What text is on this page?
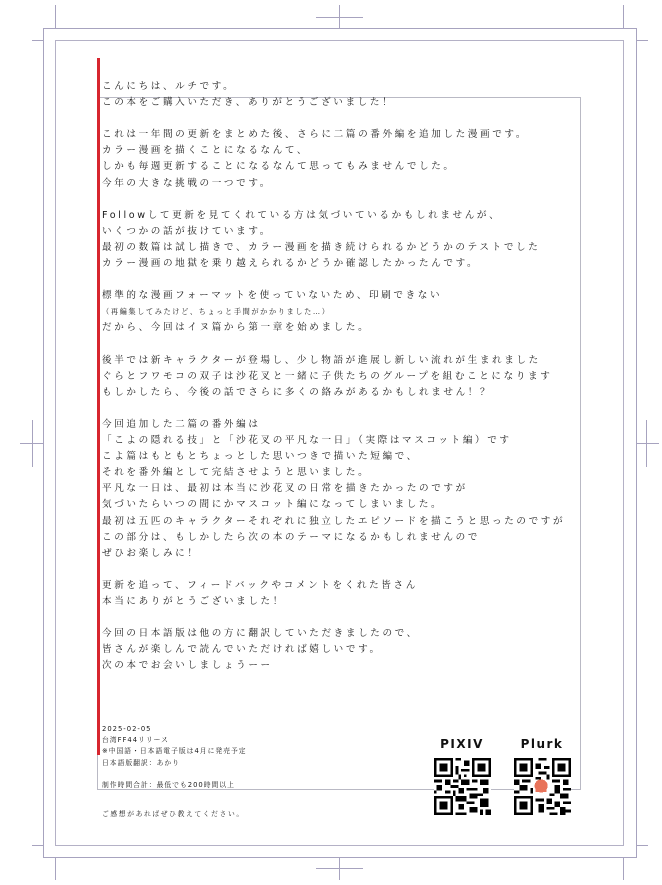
こんにちは、ルチです。
この本をご購入いただき、ありがとうございました！
これは一年間の更新をまとめた後、さらに二篇の番外編を追加した漫画です。
カラー漫画を描くことになるなんて、
しかも毎週更新することになるなんて思ってもみませんでした。
今年の大きな挑戦の一つです。
Followして更新を見てくれている方は気づいているかもしれませんが、
いくつかの話が抜けています。
最初の数篇は試し描きで、カラー漫画を描き続けられるかどうかのテストでした
カラー漫画の地獄を乗り越えられるかどうか確認したかったんです。
標準的な漫画フォーマットを使っていないため、印刷できない
（再編集してみたけど、ちょっと手間がかかりました…）
だから、今回はイヌ篇から第一章を始めました。
後半では新キャラクターが登場し、少し物語が進展し新しい流れが生まれました
ぐらとフワモコの双子は沙花叉と一緒に子供たちのグループを組むことになります
もしかしたら、今後の話でさらに多くの絡みがあるかもしれません！？
今回追加した二篇の番外編は
「こよの隠れる技」と「沙花叉の平凡な一日」（実際はマスコット編）です
こよ篇はもともとちょっとした思いつきで描いた短編で、
それを番外編として完結させようと思いました。
平凡な一日は、最初は本当に沙花叉の日常を描きたかったのですが
気づいたらいつの間にかマスコット編になってしまいました。
最初は五匹のキャラクターそれぞれに独立したエピソードを描こうと思ったのですが
この部分は、もしかしたら次の本のテーマになるかもしれませんので
ぜひお楽しみに！
更新を追って、フィードバックやコメントをくれた皆さん
本当にありがとうございました！
今回の日本語版は他の方に翻訳していただきましたので、
皆さんが楽しんで読んでいただければ嬉しいです。
次の本でお会いしましょうーー
2025-02-05
台湾FF44リリース
※中国語・日本語電子版は4月に発売予定
日本語版翻訳：あかり
制作時間合計：最低でも200時間以上
ご感想があればぜひ教えてください。
PIXIV	Plurk
